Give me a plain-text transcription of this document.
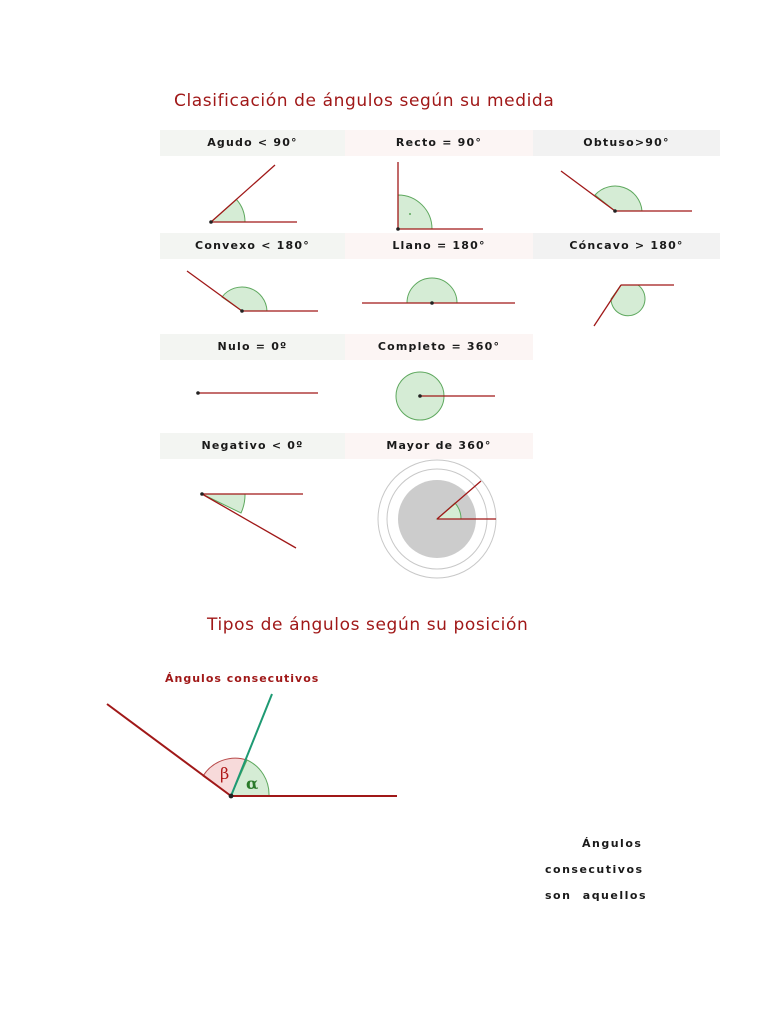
Clasificación de ángulos según su medida
Agudo < 90°	Recto = 90°	Obtuso>90°
Convexo < 180°	Llano = 180°	Cóncavo > 180°
Nulo = 0º	Completo = 360°
Negativo < 0º	Mayor de 360°
Tipos de ángulos según su posición
Ángulos consecutivos
β
α
Ángulos
consecutivos
son aquellos
